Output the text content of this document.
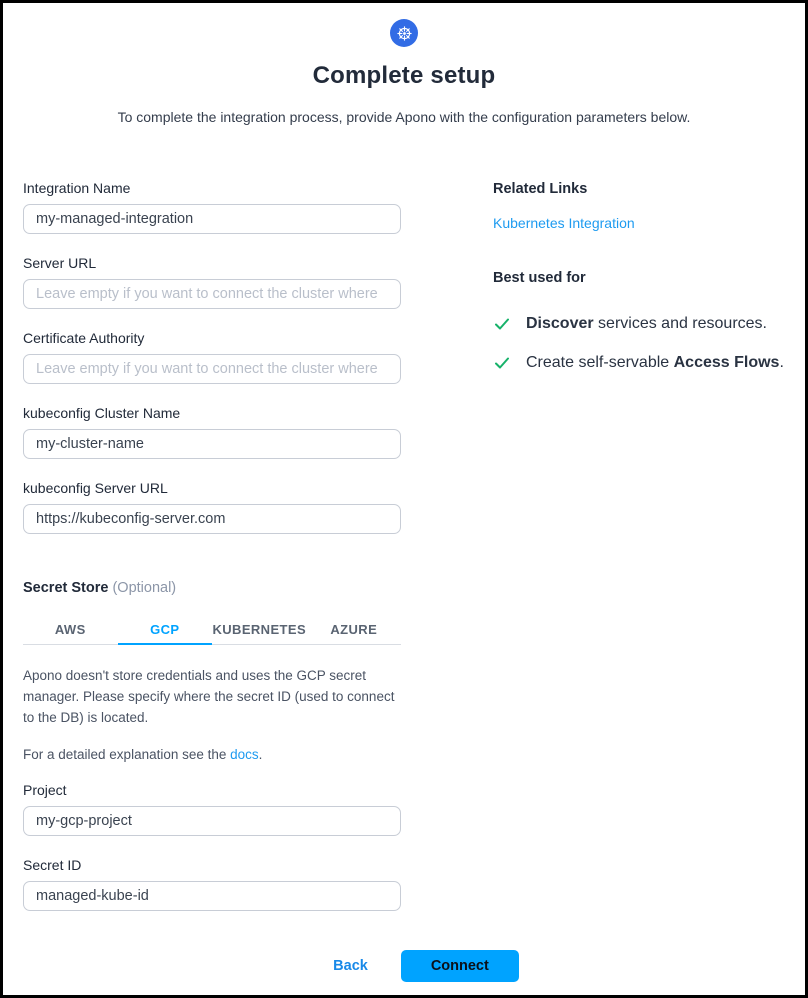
Complete setup
To complete the integration process, provide Apono with the configuration parameters below.
Integration Name
my-managed-integration
Server URL
Leave empty if you want to connect the cluster where
Certificate Authority
Leave empty if you want to connect the cluster where
kubeconfig Cluster Name
my-cluster-name
kubeconfig Server URL
https://kubeconfig-server.com
Secret Store (Optional)
AWS	GCP	KUBERNETES	AZURE

Apono doesn't store credentials and uses the GCP secret manager. Please specify where the secret ID (used to connect to the DB) is located.

For a detailed explanation see the docs.

Project
my-gcp-project
Secret ID
managed-kube-id
Related Links
Kubernetes Integration
Best used for
Discover services and resources.
Create self-servable Access Flows.
Back	Connect
